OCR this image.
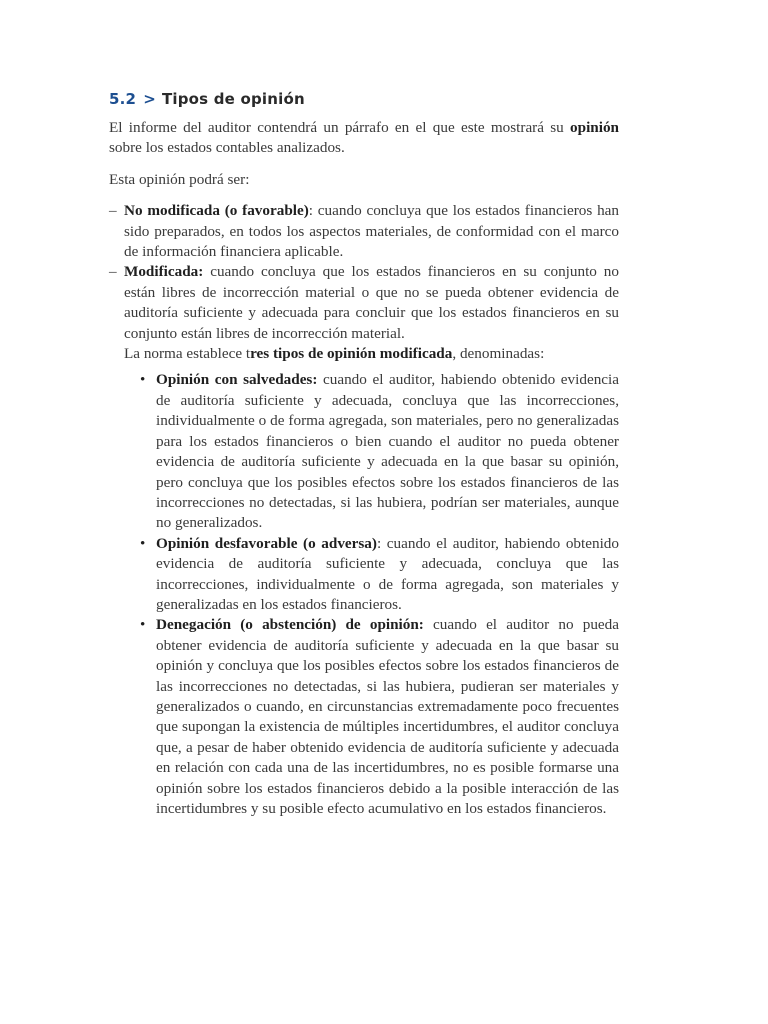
5.2 > Tipos de opinión

El informe del auditor contendrá un párrafo en el que este mostrará su opinión sobre los estados contables analizados.

Esta opinión podrá ser:

– No modificada (o favorable): cuando concluya que los estados financieros han sido preparados, en todos los aspectos materiales, de conformidad con el marco de información financiera aplicable.
– Modificada: cuando concluya que los estados financieros en su conjunto no están libres de incorrección material o que no se pueda obtener evidencia de auditoría suficiente y adecuada para concluir que los estados financieros en su conjunto están libres de incorrección material.
La norma establece tres tipos de opinión modificada, denominadas:
• Opinión con salvedades: cuando el auditor, habiendo obtenido evidencia de auditoría suficiente y adecuada, concluya que las incorrecciones, individualmente o de forma agregada, son materiales, pero no generalizadas para los estados financieros o bien cuando el auditor no pueda obtener evidencia de auditoría suficiente y adecuada en la que basar su opinión, pero concluya que los posibles efectos sobre los estados financieros de las incorrecciones no detectadas, si las hubiera, podrían ser materiales, aunque no generalizados.
• Opinión desfavorable (o adversa): cuando el auditor, habiendo obtenido evidencia de auditoría suficiente y adecuada, concluya que las incorrecciones, individualmente o de forma agregada, son materiales y generalizadas en los estados financieros.
• Denegación (o abstención) de opinión: cuando el auditor no pueda obtener evidencia de auditoría suficiente y adecuada en la que basar su opinión y concluya que los posibles efectos sobre los estados financieros de las incorrecciones no detectadas, si las hubiera, pudieran ser materiales y generalizados o cuando, en circunstancias extremadamente poco frecuentes que supongan la existencia de múltiples incertidumbres, el auditor concluya que, a pesar de haber obtenido evidencia de auditoría suficiente y adecuada en relación con cada una de las incertidumbres, no es posible formarse una opinión sobre los estados financieros debido a la posible interacción de las incertidumbres y su posible efecto acumulativo en los estados financieros.
